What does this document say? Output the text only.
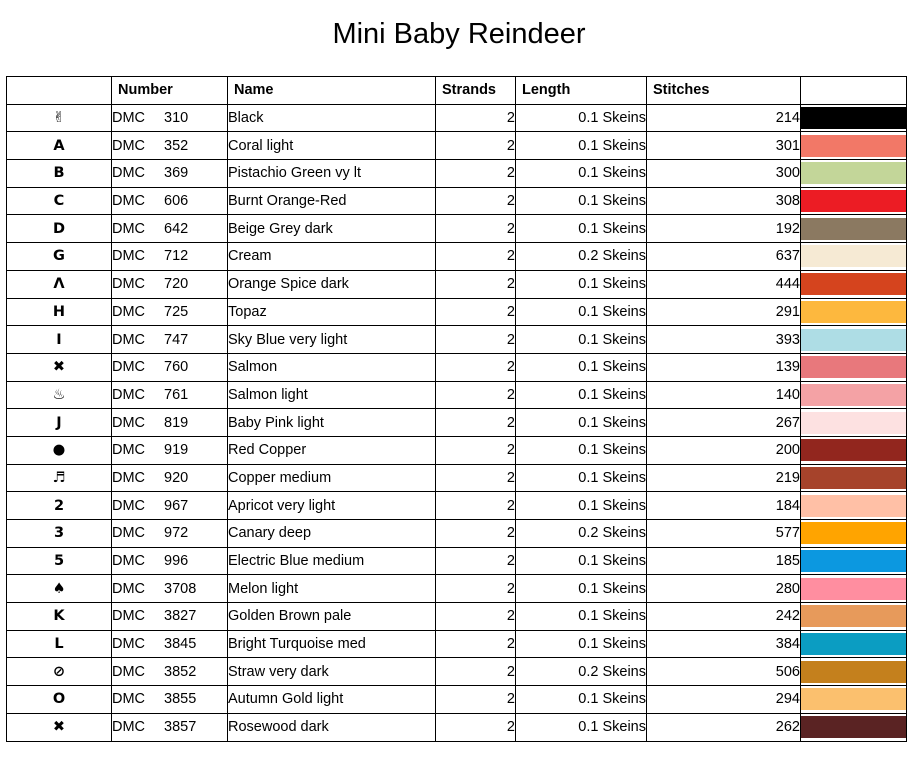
Mini Baby Reindeer
	Number	Name	Strands	Length	Stitches	
✌	DMC 310	Black	2	0.1 Skeins	214	

A	DMC 352	Coral light	2	0.1 Skeins	301	

B	DMC 369	Pistachio Green vy lt	2	0.1 Skeins	300	

C	DMC 606	Burnt Orange-Red	2	0.1 Skeins	308	

D	DMC 642	Beige Grey dark	2	0.1 Skeins	192	

G	DMC 712	Cream	2	0.2 Skeins	637	

Λ	DMC 720	Orange Spice dark	2	0.1 Skeins	444	

H	DMC 725	Topaz	2	0.1 Skeins	291	

I	DMC 747	Sky Blue very light	2	0.1 Skeins	393	

✖	DMC 760	Salmon	2	0.1 Skeins	139	

♨	DMC 761	Salmon light	2	0.1 Skeins	140	

J	DMC 819	Baby Pink light	2	0.1 Skeins	267	

●	DMC 919	Red Copper	2	0.1 Skeins	200	

♬	DMC 920	Copper medium	2	0.1 Skeins	219	

2	DMC 967	Apricot very light	2	0.1 Skeins	184	

3	DMC 972	Canary deep	2	0.2 Skeins	577	

5	DMC 996	Electric Blue medium	2	0.1 Skeins	185	

♠	DMC 3708	Melon light	2	0.1 Skeins	280	

K	DMC 3827	Golden Brown pale	2	0.1 Skeins	242	

L	DMC 3845	Bright Turquoise med	2	0.1 Skeins	384	

⊘	DMC 3852	Straw very dark	2	0.2 Skeins	506	

O	DMC 3855	Autumn Gold light	2	0.1 Skeins	294	

✖	DMC 3857	Rosewood dark	2	0.1 Skeins	262	
